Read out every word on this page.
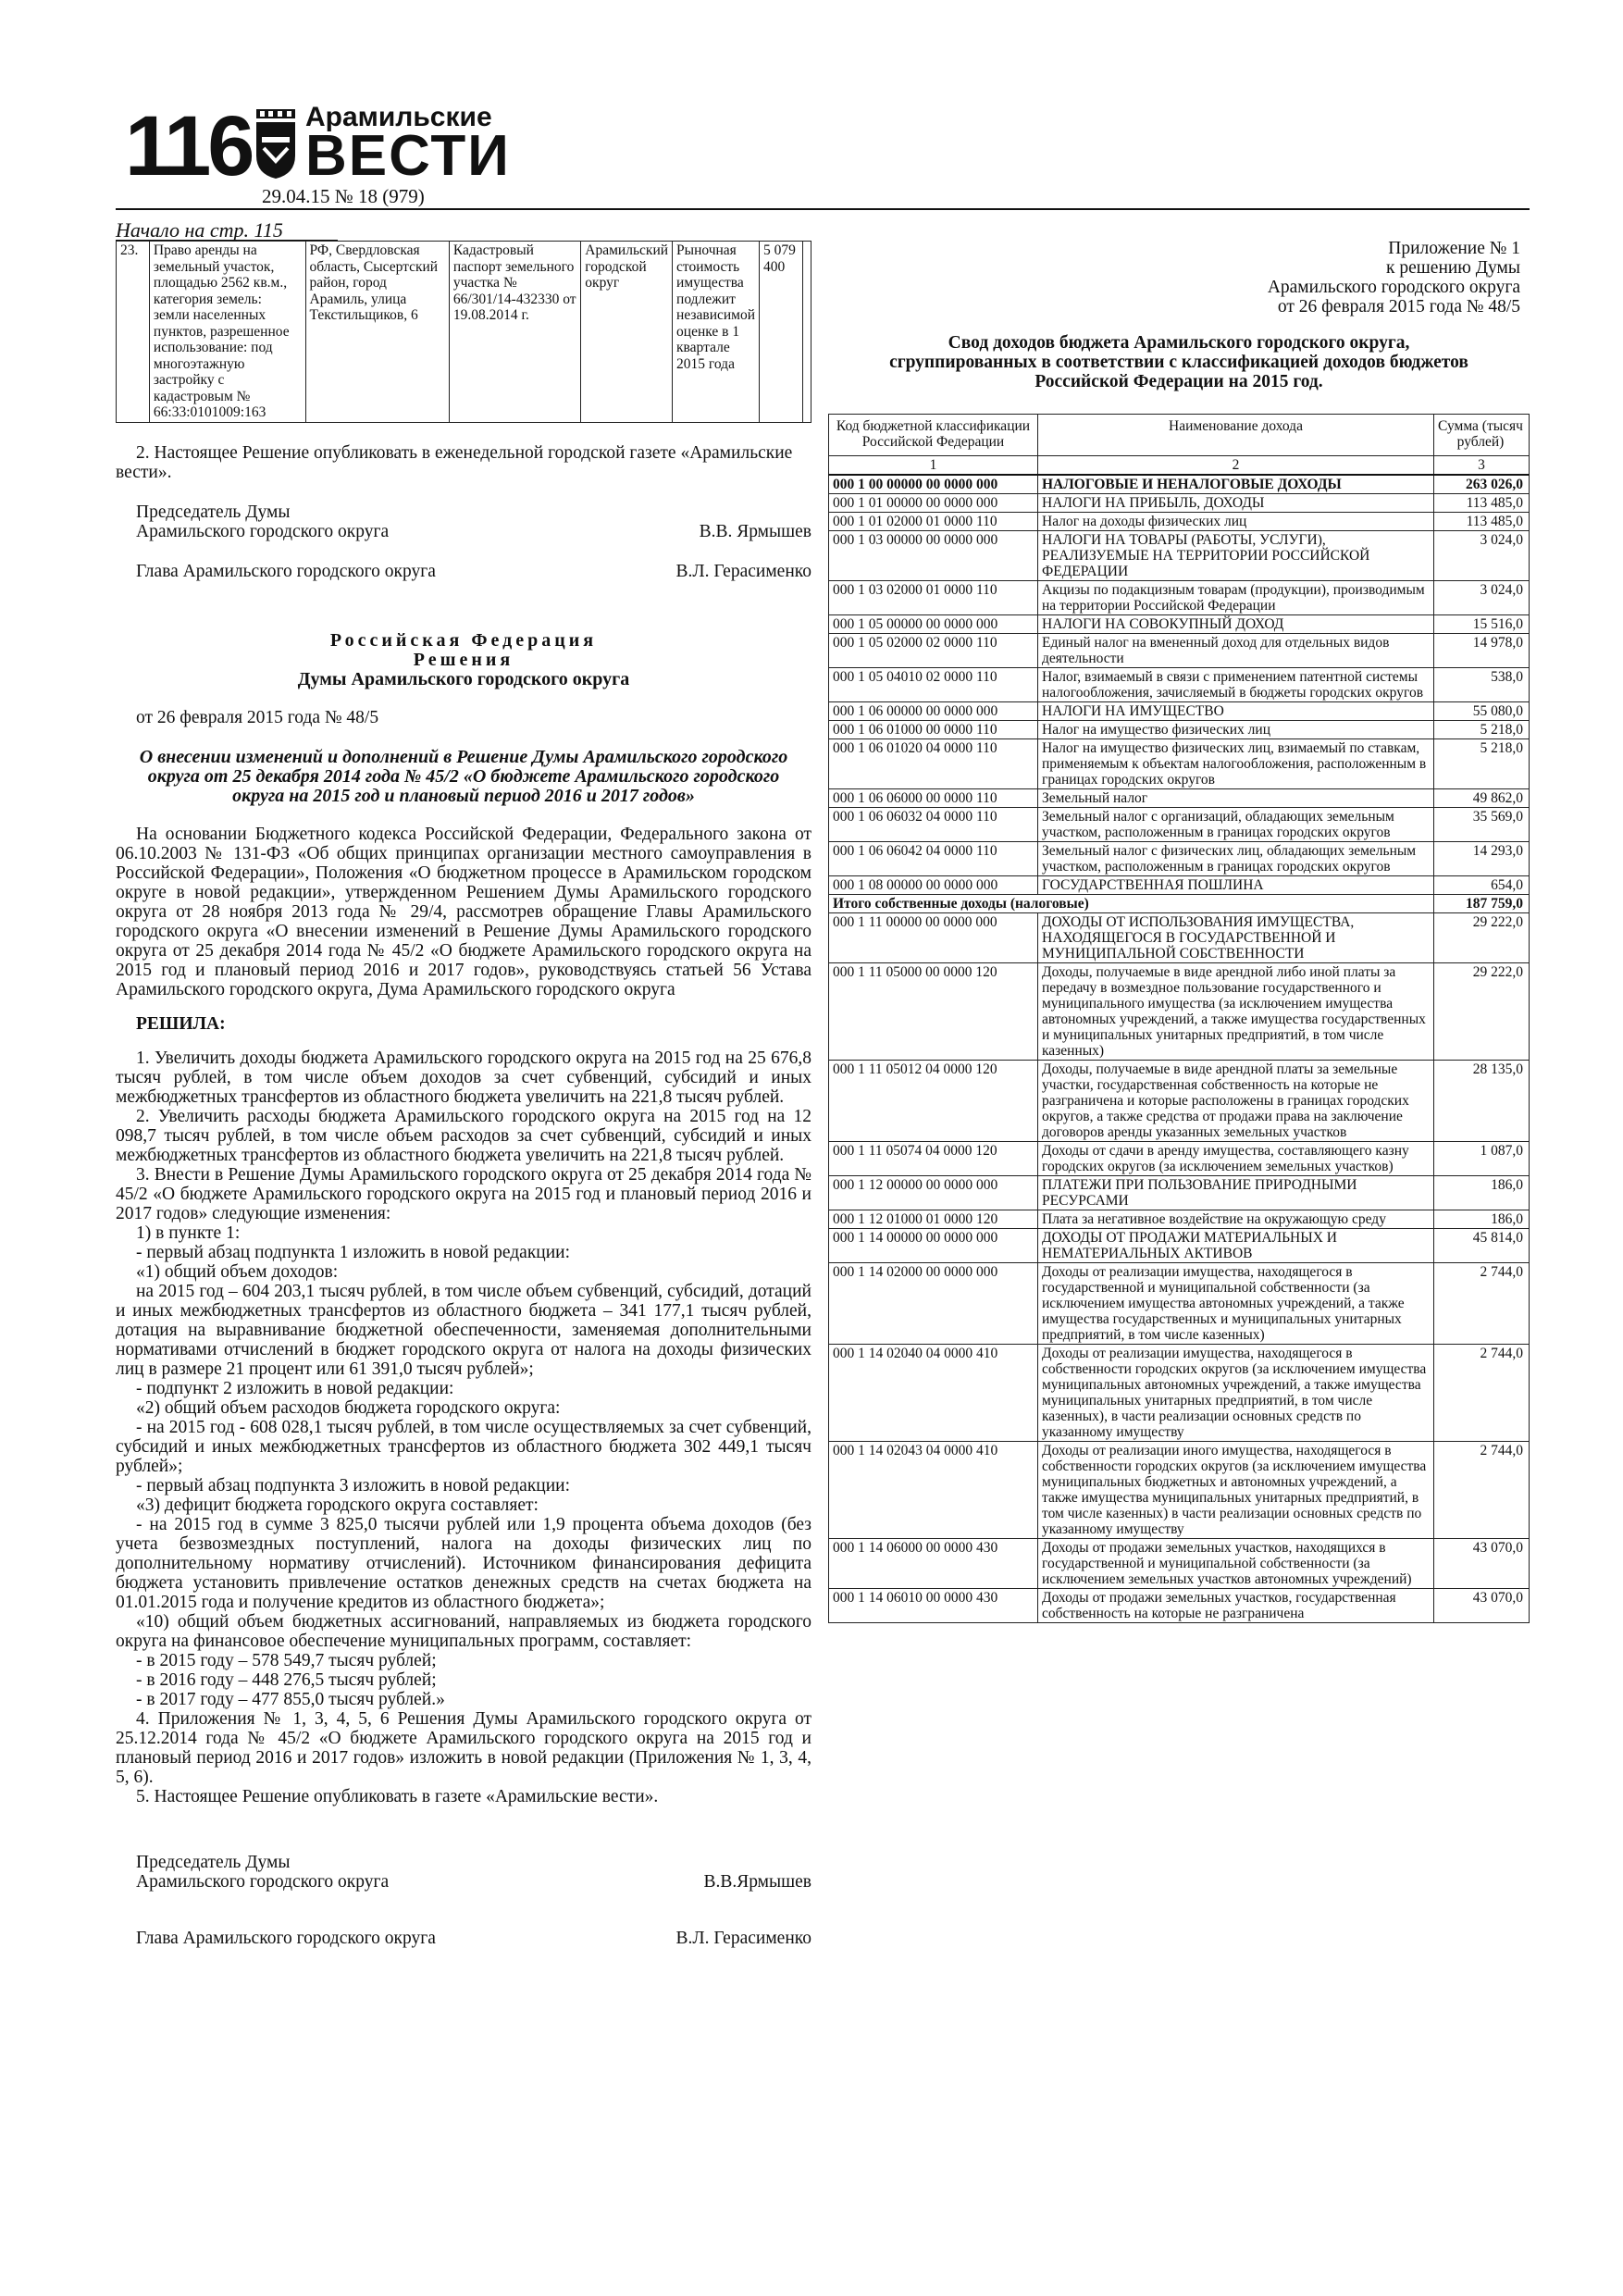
116 Арамильские
ВЕСТИ
29.04.15 № 18 (979)
Начало на стр. 115
23.	Право аренды на земельный участок, площадью 2562 кв.м., категория земель: земли населенных пунктов, разрешенное использование: под многоэтажную застройку с кадастровым № 66:33:0101009:163	РФ, Свердловская область, Сысертский район, город Арамиль, улица Текстильщиков, 6	Кадастровый паспорт земельного участка № 66/301/14-432330 от 19.08.2014 г.	Арамильский городской округ	Рыночная стоимость имущества подлежит независимой оценке в 1 квартале 2015 года	5 079 400	
2. Настоящее Решение опубликовать в еженедельной городской газете «Арамильские вести».
Председатель Думы
Арамильского городского округа	В.В. Ярмышев
Глава Арамильского городского округа	В.Л. Герасименко
Российская Федерация
Решения
Думы Арамильского городского округа
от 26 февраля 2015 года № 48/5
О внесении изменений и дополнений в Решение Думы Арамильского городского округа от 25 декабря 2014 года № 45/2 «О бюджете Арамильского городского округа на 2015 год и плановый период 2016 и 2017 годов»

На основании Бюджетного кодекса Российской Федерации, Федерального закона от 06.10.2003 № 131-ФЗ «Об общих принципах организации местного самоуправления в Российской Федерации», Положения «О бюджетном процессе в Арамильском городском округе в новой редакции», утвержденном Решением Думы Арамильского городского округа от 28 ноября 2013 года № 29/4, рассмотрев обращение Главы Арамильского городского округа «О внесении изменений в Решение Думы Арамильского городского округа от 25 декабря 2014 года № 45/2 «О бюджете Арамильского городского округа на 2015 год и плановый период 2016 и 2017 годов», руководствуясь статьей 56 Устава Арамильского городского округа, Дума Арамильского городского округа

РЕШИЛА:

1. Увеличить доходы бюджета Арамильского городского округа на 2015 год на 25 676,8 тысяч рублей, в том числе объем доходов за счет субвенций, субсидий и иных межбюджетных трансфертов из областного бюджета увеличить на 221,8 тысяч рублей.

2. Увеличить расходы бюджета Арамильского городского округа на 2015 год на 12 098,7 тысяч рублей, в том числе объем расходов за счет субвенций, субсидий и иных межбюджетных трансфертов из областного бюджета увеличить на 221,8 тысяч рублей.

3. Внести в Решение Думы Арамильского городского округа от 25 декабря 2014 года № 45/2 «О бюджете Арамильского городского округа на 2015 год и плановый период 2016 и 2017 годов» следующие изменения:

1) в пункте 1:

- первый абзац подпункта 1 изложить в новой редакции:

«1) общий объем доходов:

на 2015 год – 604 203,1 тысяч рублей, в том числе объем субвенций, субсидий, дотаций и иных межбюджетных трансфертов из областного бюджета – 341 177,1 тысяч рублей, дотация на выравнивание бюджетной обеспеченности, заменяемая дополнительными нормативами отчислений в бюджет городского округа от налога на доходы физических лиц в размере 21 процент или 61 391,0 тысяч рублей»;

- подпункт 2 изложить в новой редакции:

«2) общий объем расходов бюджета городского округа:

- на 2015 год - 608 028,1 тысяч рублей, в том числе осуществляемых за счет субвенций, субсидий и иных межбюджетных трансфертов из областного бюджета 302 449,1 тысяч рублей»;

- первый абзац подпункта 3 изложить в новой редакции:

«3) дефицит бюджета городского округа составляет:

- на 2015 год в сумме 3 825,0 тысячи рублей или 1,9 процента объема доходов (без учета безвозмездных поступлений, налога на доходы физических лиц по дополнительному нормативу отчислений). Источником финансирования дефицита бюджета установить привлечение остатков денежных средств на счетах бюджета на 01.01.2015 года и получение кредитов из областного бюджета»;

«10) общий объем бюджетных ассигнований, направляемых из бюджета городского округа на финансовое обеспечение муниципальных программ, составляет:

- в 2015 году – 578 549,7 тысяч рублей;

- в 2016 году – 448 276,5 тысяч рублей;

- в 2017 году – 477 855,0 тысяч рублей.»

4. Приложения № 1, 3, 4, 5, 6 Решения Думы Арамильского городского округа от 25.12.2014 года № 45/2 «О бюджете Арамильского городского округа на 2015 год и плановый период 2016 и 2017 годов» изложить в новой редакции (Приложения № 1, 3, 4, 5, 6).

5. Настоящее Решение опубликовать в газете «Арамильские вести».

Председатель Думы
Арамильского городского округа	В.В.Ярмышев
Глава Арамильского городского округа	В.Л. Герасименко
Приложение № 1
к решению Думы
Арамильского городского округа
от 26 февраля 2015 года № 48/5
Свод доходов бюджета Арамильского городского округа,
сгруппированных в соответствии с классификацией доходов бюджетов
Российской Федерации на 2015 год.
Код бюджетной классификации Российской Федерации	Наименование дохода	Сумма (тысяч рублей)
1	2	3
000 1 00 00000 00 0000 000	НАЛОГОВЫЕ И НЕНАЛОГОВЫЕ ДОХОДЫ	263 026,0
000 1 01 00000 00 0000 000	НАЛОГИ НА ПРИБЫЛЬ, ДОХОДЫ	113 485,0
000 1 01 02000 01 0000 110	Налог на доходы физических лиц	113 485,0
000 1 03 00000 00 0000 000	НАЛОГИ НА ТОВАРЫ (РАБОТЫ, УСЛУГИ), РЕАЛИЗУЕМЫЕ НА ТЕРРИТОРИИ РОССИЙСКОЙ ФЕДЕРАЦИИ	3 024,0
000 1 03 02000 01 0000 110	Акцизы по подакцизным товарам (продукции), производимым на территории Российской Федерации	3 024,0
000 1 05 00000 00 0000 000	НАЛОГИ НА СОВОКУПНЫЙ ДОХОД	15 516,0
000 1 05 02000 02 0000 110	Единый налог на вмененный доход для отдельных видов деятельности	14 978,0
000 1 05 04010 02 0000 110	Налог, взимаемый в связи с применением патентной системы налогообложения, зачисляемый в бюджеты городских округов	538,0
000 1 06 00000 00 0000 000	НАЛОГИ НА ИМУЩЕСТВО	55 080,0
000 1 06 01000 00 0000 110	Налог на имущество физических лиц	5 218,0
000 1 06 01020 04 0000 110	Налог на имущество физических лиц, взимаемый по ставкам, применяемым к объектам налогообложения, расположенным в границах городских округов	5 218,0
000 1 06 06000 00 0000 110	Земельный налог	49 862,0
000 1 06 06032 04 0000 110	Земельный налог с организаций, обладающих земельным участком, расположенным в границах городских округов	35 569,0
000 1 06 06042 04 0000 110	Земельный налог с физических лиц, обладающих земельным участком, расположенным в границах городских округов	14 293,0
000 1 08 00000 00 0000 000	ГОСУДАРСТВЕННАЯ ПОШЛИНА	654,0
Итого собственные доходы (налоговые)		187 759,0
000 1 11 00000 00 0000 000	ДОХОДЫ ОТ ИСПОЛЬЗОВАНИЯ ИМУЩЕСТВА, НАХОДЯЩЕГОСЯ В ГОСУДАРСТВЕННОЙ И МУНИЦИПАЛЬНОЙ СОБСТВЕННОСТИ	29 222,0
000 1 11 05000 00 0000 120	Доходы, получаемые в виде арендной либо иной платы за передачу в возмездное пользование государственного и муниципального имущества (за исключением имущества автономных учреждений, а также имущества государственных и муниципальных унитарных предприятий, в том числе казенных)	29 222,0
000 1 11 05012 04 0000 120	Доходы, получаемые в виде арендной платы за земельные участки, государственная собственность на которые не разграничена и которые расположены в границах городских округов, а также средства от продажи права на заключение договоров аренды указанных земельных участков	28 135,0
000 1 11 05074 04 0000 120	Доходы от сдачи в аренду имущества, составляющего казну городских округов (за исключением земельных участков)	1 087,0
000 1 12 00000 00 0000 000	ПЛАТЕЖИ ПРИ ПОЛЬЗОВАНИЕ ПРИРОДНЫМИ РЕСУРСАМИ	186,0
000 1 12 01000 01 0000 120	Плата за негативное воздействие на окружающую среду	186,0
000 1 14 00000 00 0000 000	ДОХОДЫ ОТ ПРОДАЖИ МАТЕРИАЛЬНЫХ И НЕМАТЕРИАЛЬНЫХ АКТИВОВ	45 814,0
000 1 14 02000 00 0000 000	Доходы от реализации имущества, находящегося в государственной и муниципальной собственности (за исключением имущества автономных учреждений, а также имущества государственных и муниципальных унитарных предприятий, в том числе казенных)	2 744,0
000 1 14 02040 04 0000 410	Доходы от реализации имущества, находящегося в собственности городских округов (за исключением имущества муниципальных автономных учреждений, а также имущества муниципальных унитарных предприятий, в том числе казенных), в части реализации основных средств по указанному имуществу	2 744,0
000 1 14 02043 04 0000 410	Доходы от реализации иного имущества, находящегося в собственности городских округов (за исключением имущества муниципальных бюджетных и автономных учреждений, а также имущества муниципальных унитарных предприятий, в том числе казенных) в части реализации основных средств по указанному имуществу	2 744,0
000 1 14 06000 00 0000 430	Доходы от продажи земельных участков, находящихся в государственной и муниципальной собственности (за исключением земельных участков автономных учреждений)	43 070,0
000 1 14 06010 00 0000 430	Доходы от продажи земельных участков, государственная собственность на которые не разграничена	43 070,0
